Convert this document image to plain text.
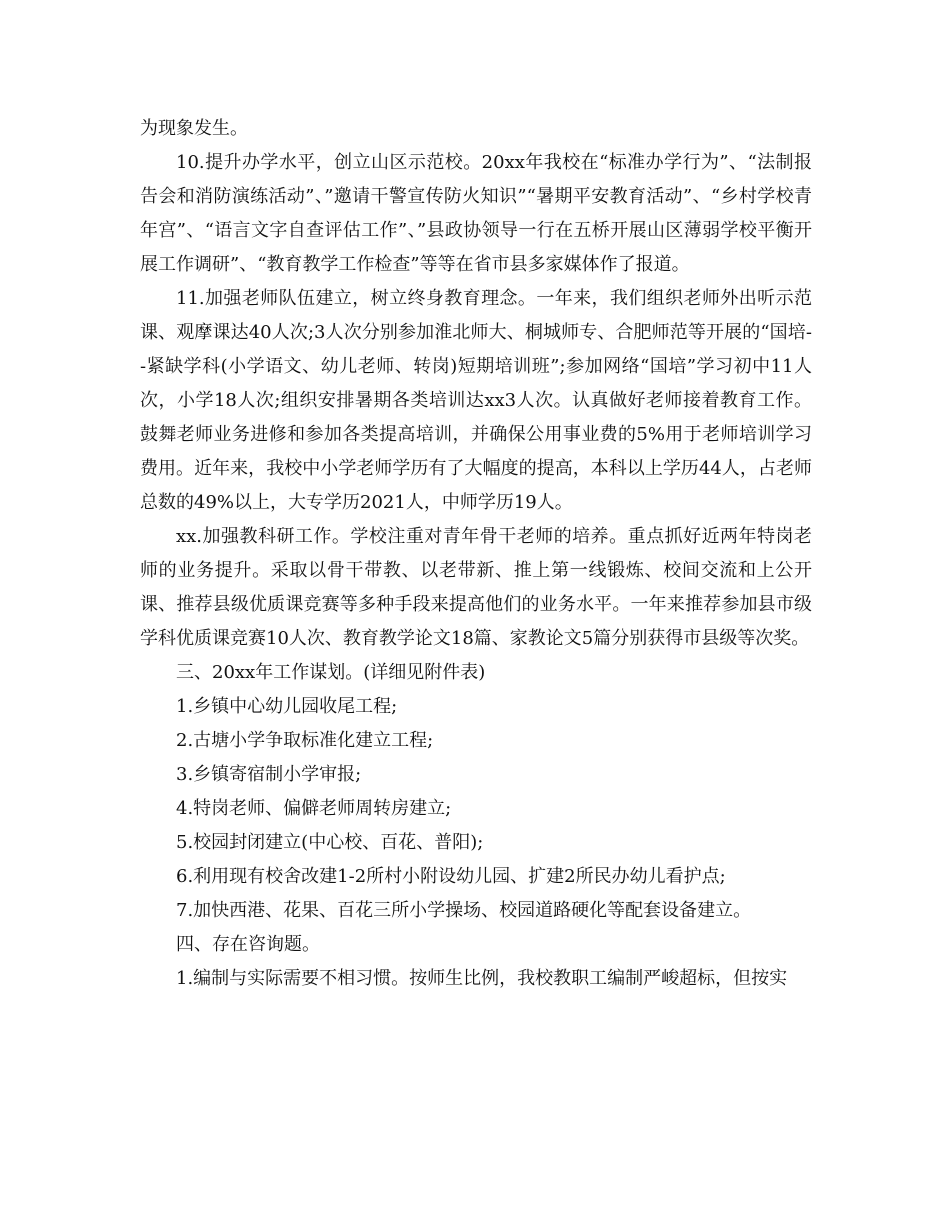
为现象发生。

10.提升办学水平，创立山区示范校。20xx年我校在“标准办学行为”、“法制报告会和消防演练活动”、”邀请干警宣传防火知识”“暑期平安教育活动”、“乡村学校青年宫”、“语言文字自查评估工作”、”县政协领导一行在五桥开展山区薄弱学校平衡开展工作调研”、“教育教学工作检查”等等在省市县多家媒体作了报道。

11.加强老师队伍建立，树立终身教育理念。一年来，我们组织老师外出听示范课、观摩课达40人次;3人次分别参加淮北师大、桐城师专、合肥师范等开展的“国培--紧缺学科(小学语文、幼儿老师、转岗)短期培训班”;参加网络“国培”学习初中11人次，小学18人次;组织安排暑期各类培训达xx3人次。认真做好老师接着教育工作。鼓舞老师业务进修和参加各类提高培训，并确保公用事业费的5%用于老师培训学习费用。近年来，我校中小学老师学历有了大幅度的提高，本科以上学历44人，占老师总数的49%以上，大专学历2021人，中师学历19人。

xx.加强教科研工作。学校注重对青年骨干老师的培养。重点抓好近两年特岗老师的业务提升。采取以骨干带教、以老带新、推上第一线锻炼、校间交流和上公开课、推荐县级优质课竞赛等多种手段来提高他们的业务水平。一年来推荐参加县市级学科优质课竞赛10人次、教育教学论文18篇、家教论文5篇分别获得市县级等次奖。

三、20xx年工作谋划。(详细见附件表)

1.乡镇中心幼儿园收尾工程;

2.古塘小学争取标准化建立工程;

3.乡镇寄宿制小学审报;

4.特岗老师、偏僻老师周转房建立;

5.校园封闭建立(中心校、百花、普阳);

6.利用现有校舍改建1-2所村小附设幼儿园、扩建2所民办幼儿看护点;

7.加快西港、花果、百花三所小学操场、校园道路硬化等配套设备建立。

四、存在咨询题。

1.编制与实际需要不相习惯。按师生比例，我校教职工编制严峻超标，但按实
